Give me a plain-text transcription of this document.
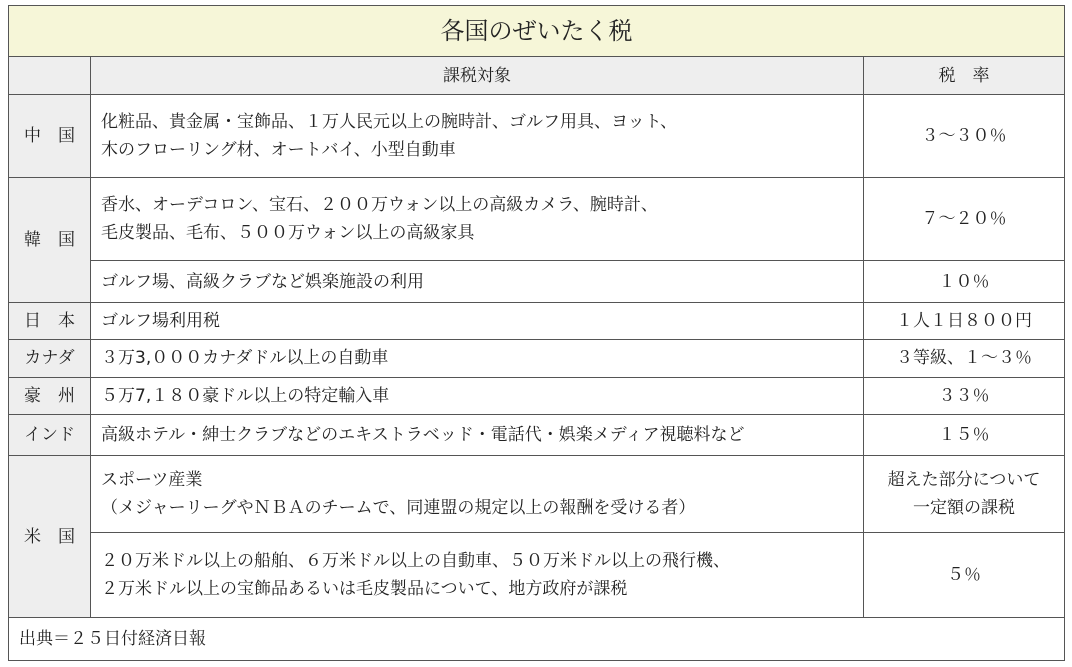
各国のぜいたく税		
	課税対象	税　率
中　国	化粧品、貴金属・宝飾品、１万人民元以上の腕時計、ゴルフ用具、ヨット、
木のフローリング材、オートバイ、小型自動車	３～３０％

韓　国	香水、オーデコロン、宝石、２００万ウォン以上の高級カメラ、腕時計、
毛皮製品、毛布、５００万ウォン以上の高級家具	７～２０％

	ゴルフ場、高級クラブなど娯楽施設の利用	１０％

日　本	ゴルフ場利用税	１人１日８００円

カナダ	３万3,０００カナダドル以上の自動車	３等級、１～３％

豪　州	５万7,１８０豪ドル以上の特定輸入車	３３％

インド	高級ホテル・紳士クラブなどのエキストラベッド・電話代・娯楽メディア視聴料など	１５％

米　国	スポーツ産業
（メジャーリーグやＮＢＡのチームで、同連盟の規定以上の報酬を受ける者）	超えた部分について
一定額の課税

	２０万米ドル以上の船舶、６万米ドル以上の自動車、５０万米ドル以上の飛行機、
２万米ドル以上の宝飾品あるいは毛皮製品について、地方政府が課税	５％

出典＝２５日付経済日報		
